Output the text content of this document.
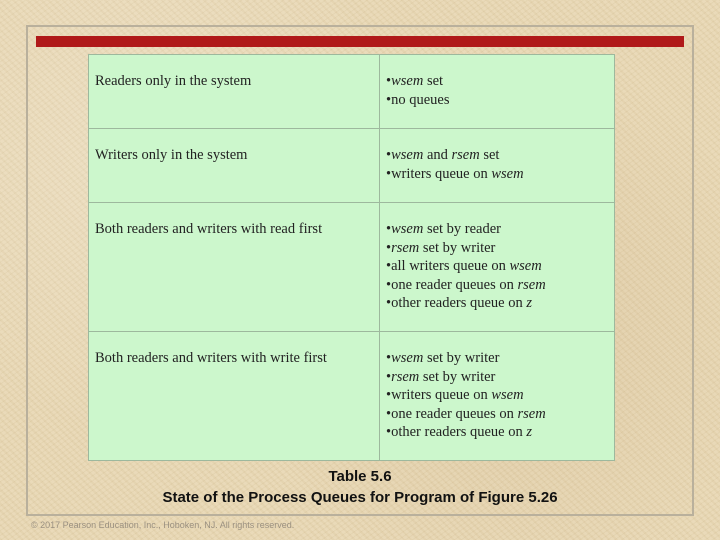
Readers only in the system	•wsem set
•no queues

Writers only in the system	•wsem and rsem set
•writers queue on wsem

Both readers and writers with read first	•wsem set by reader
•rsem set by writer
•all writers queue on wsem
•one reader queues on rsem
•other readers queue on z

Both readers and writers with write first	•wsem set by writer
•rsem set by writer
•writers queue on wsem
•one reader queues on rsem
•other readers queue on z
Table 5.6
State of the Process Queues for Program of Figure 5.26
© 2017 Pearson Education, Inc., Hoboken, NJ. All rights reserved.
